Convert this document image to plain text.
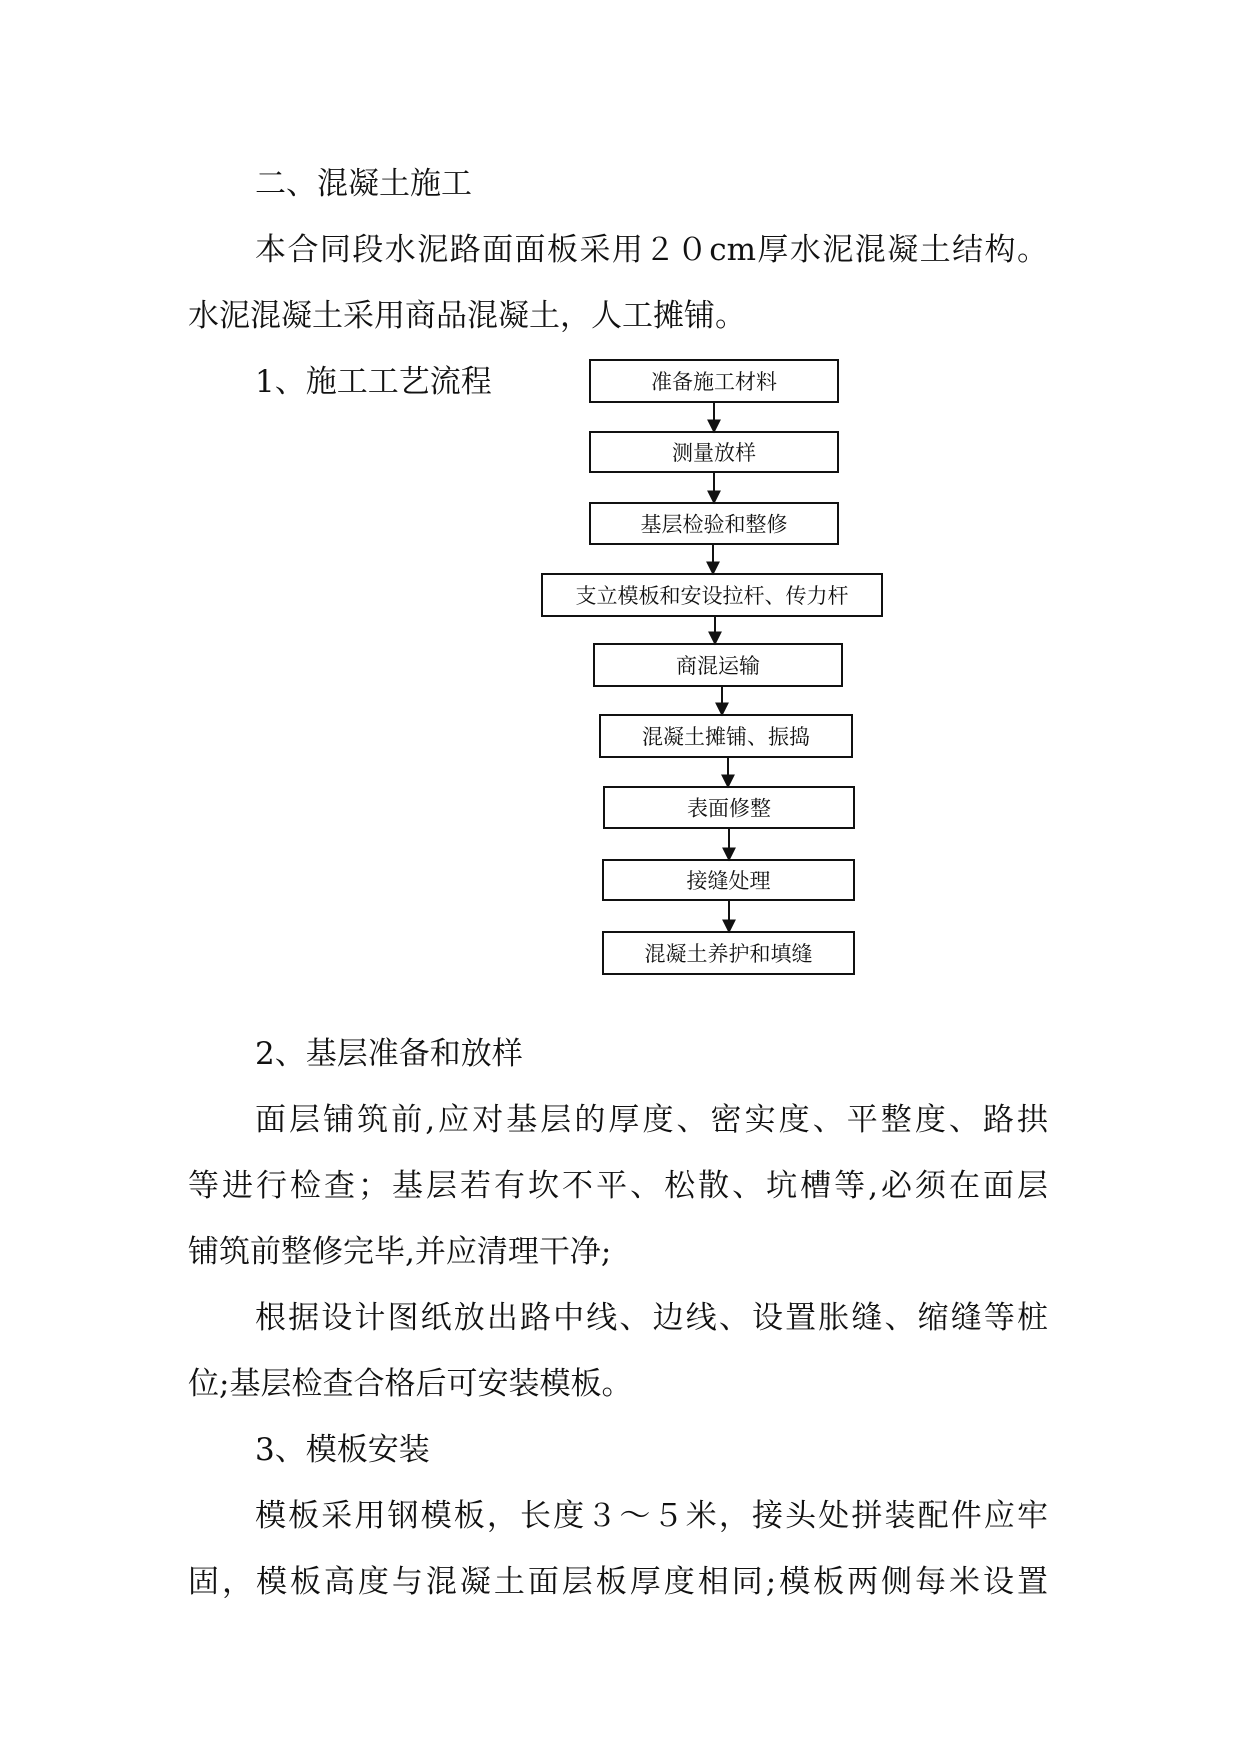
二、混凝土施工
本合同段水泥路面面板采用２０cm厚水泥混凝土结构。
水泥混凝土采用商品混凝土，人工摊铺。
1、施工工艺流程	准备施工材料
测量放样
基层检验和整修
支立模板和安设拉杆、传力杆
商混运输
混凝土摊铺、振捣
表面修整
接缝处理
混凝土养护和填缝
2、基层准备和放样
面层铺筑前,应对基层的厚度、密实度、平整度、路拱
等进行检查；基层若有坎不平、松散、坑槽等,必须在面层
铺筑前整修完毕,并应清理干净;
根据设计图纸放出路中线、边线、设置胀缝、缩缝等桩
位;基层检查合格后可安装模板。
3、模板安装
模板采用钢模板，长度３～５米，接头处拼装配件应牢
固，模板高度与混凝土面层板厚度相同;模板两侧每米设置
